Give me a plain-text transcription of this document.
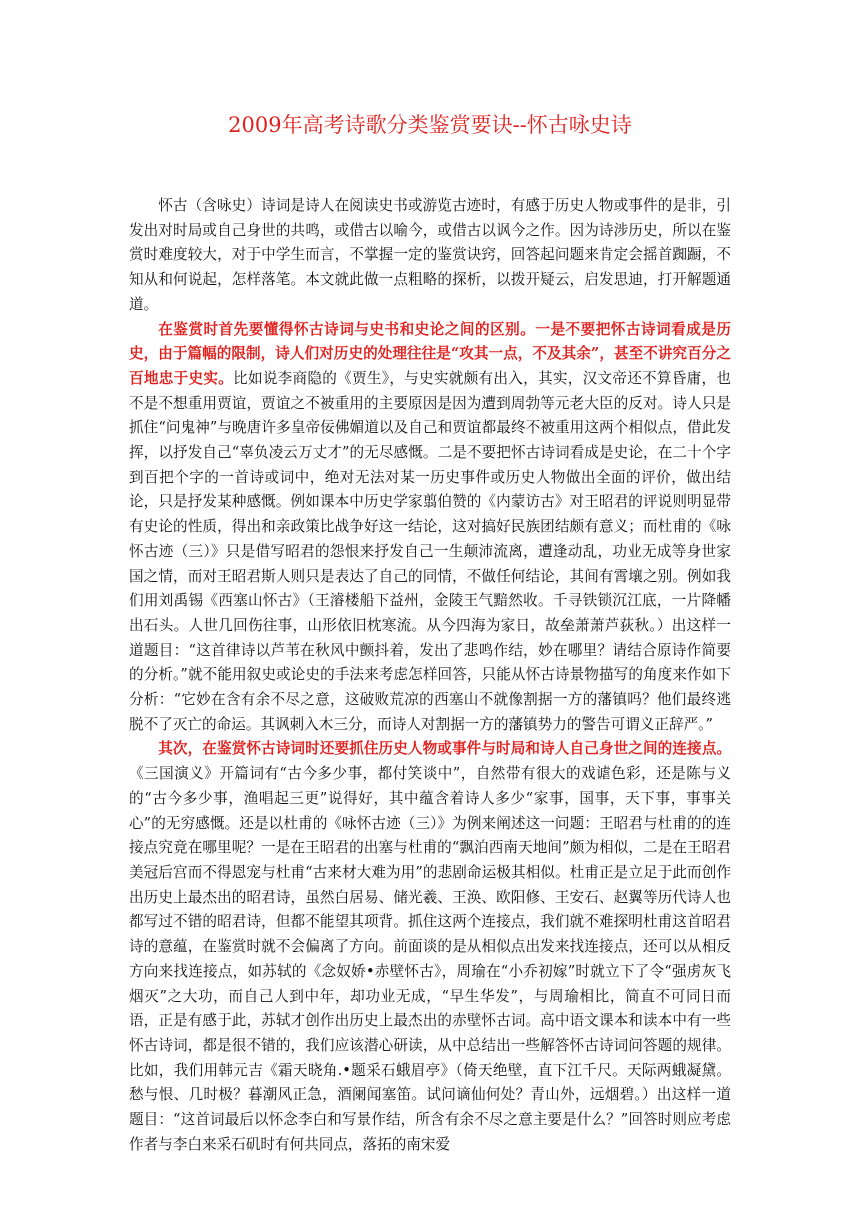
2009年高考诗歌分类鉴赏要诀--怀古咏史诗

怀古（含咏史）诗词是诗人在阅读史书或游览古迹时，有感于历史人物或事件的是非，引发出对时局或自己身世的共鸣，或借古以喻今，或借古以讽今之作。因为诗涉历史，所以在鉴赏时难度较大，对于中学生而言，不掌握一定的鉴赏诀窍，回答起问题来肯定会摇首踟蹰，不知从和何说起，怎样落笔。本文就此做一点粗略的探析，以拨开疑云，启发思迪，打开解题通道。

在鉴赏时首先要懂得怀古诗词与史书和史论之间的区别。一是不要把怀古诗词看成是历史，由于篇幅的限制，诗人们对历史的处理往往是“攻其一点，不及其余”，甚至不讲究百分之百地忠于史实。比如说李商隐的《贾生》，与史实就颇有出入，其实，汉文帝还不算昏庸，也不是不想重用贾谊，贾谊之不被重用的主要原因是因为遭到周勃等元老大臣的反对。诗人只是抓住“问鬼神”与晚唐许多皇帝佞佛媚道以及自己和贾谊都最终不被重用这两个相似点，借此发挥，以抒发自己“辜负凌云万丈才”的无尽感慨。二是不要把怀古诗词看成是史论，在二十个字到百把个字的一首诗或词中，绝对无法对某一历史事件或历史人物做出全面的评价，做出结论，只是抒发某种感慨。例如课本中历史学家翦伯赞的《内蒙访古》对王昭君的评说则明显带有史论的性质，得出和亲政策比战争好这一结论，这对搞好民族团结颇有意义；而杜甫的《咏怀古迹（三）》只是借写昭君的怨恨来抒发自己一生颠沛流离，遭逢动乱，功业无成等身世家国之情，而对王昭君斯人则只是表达了自己的同情，不做任何结论，其间有霄壤之别。例如我们用刘禹锡《西塞山怀古》（王濬楼船下益州，金陵王气黯然收。千寻铁锁沉江底，一片降幡出石头。人世几回伤往事，山形依旧枕寒流。从今四海为家日，故垒萧萧芦荻秋。）出这样一道题目：“这首律诗以芦苇在秋风中颤抖着，发出了悲鸣作结，妙在哪里？请结合原诗作简要的分析。”就不能用叙史或论史的手法来考虑怎样回答，只能从怀古诗景物描写的角度来作如下分析：“它妙在含有余不尽之意，这破败荒凉的西塞山不就像割据一方的藩镇吗？他们最终逃脱不了灭亡的命运。其讽刺入木三分，而诗人对割据一方的藩镇势力的警告可谓义正辞严。”

其次，在鉴赏怀古诗词时还要抓住历史人物或事件与时局和诗人自己身世之间的连接点。《三国演义》开篇词有“古今多少事，都付笑谈中”，自然带有很大的戏谑色彩，还是陈与义的“古今多少事，渔唱起三更”说得好，其中蕴含着诗人多少“家事，国事，天下事，事事关心”的无穷感慨。还是以杜甫的《咏怀古迹（三）》为例来阐述这一问题：王昭君与杜甫的的连接点究竟在哪里呢？一是在王昭君的出塞与杜甫的“飘泊西南天地间”颇为相似，二是在王昭君美冠后宫而不得恩宠与杜甫“古来材大难为用”的悲剧命运极其相似。杜甫正是立足于此而创作出历史上最杰出的昭君诗，虽然白居易、储光羲、王涣、欧阳修、王安石、赵翼等历代诗人也都写过不错的昭君诗，但都不能望其项背。抓住这两个连接点，我们就不难探明杜甫这首昭君诗的意蕴，在鉴赏时就不会偏离了方向。前面谈的是从相似点出发来找连接点，还可以从相反方向来找连接点，如苏轼的《念奴娇•赤壁怀古》，周瑜在“小乔初嫁”时就立下了令“强虏灰飞烟灭”之大功，而自己人到中年，却功业无成，“早生华发”，与周瑜相比，简直不可同日而语，正是有感于此，苏轼才创作出历史上最杰出的赤壁怀古词。高中语文课本和读本中有一些怀古诗词，都是很不错的，我们应该潜心研读，从中总结出一些解答怀古诗词问答题的规律。比如，我们用韩元吉《霜天晓角.•题采石蛾眉亭》（倚天绝壁，直下江千尺。天际两蛾凝黛。愁与恨、几时极？暮潮风正急，酒阑闻塞笛。试问谪仙何处？青山外，远烟碧。）出这样一道题目：“这首词最后以怀念李白和写景作结，所含有余不尽之意主要是什么？”回答时则应考虑作者与李白来采石矶时有何共同点，落拓的南宋爱
